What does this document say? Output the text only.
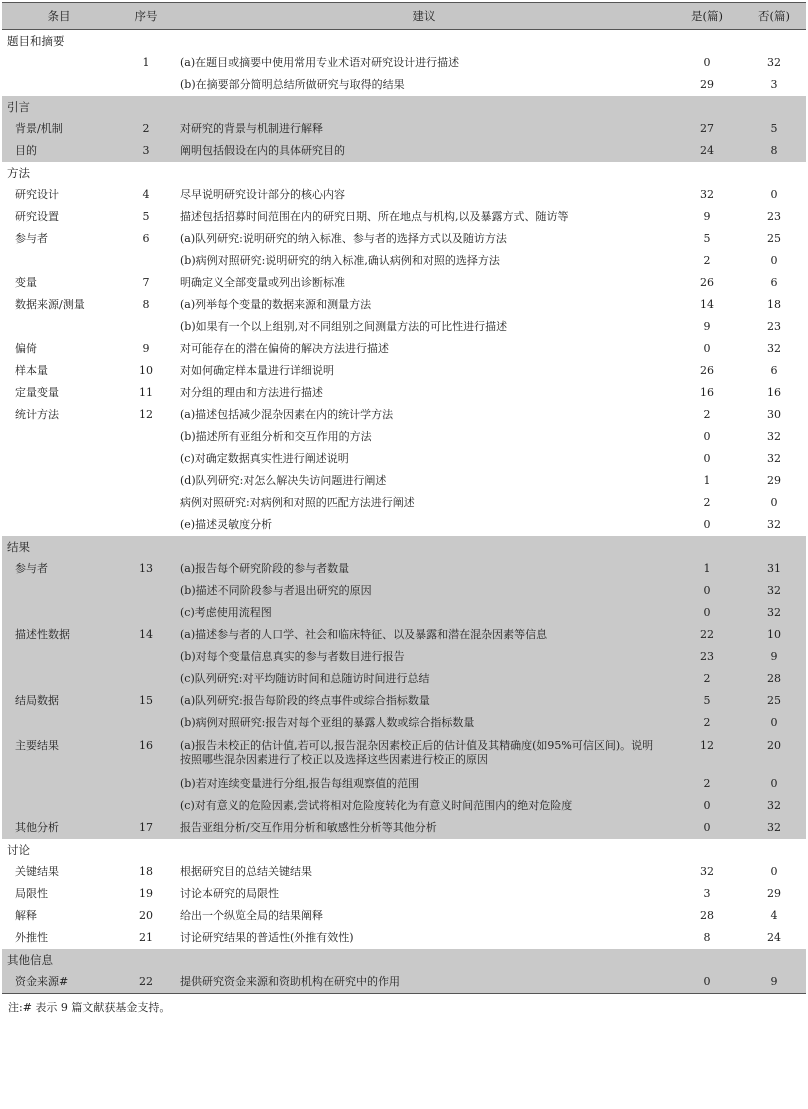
条目	序号	建议	是(篇)	否(篇)
题目和摘要				
	1	(a)在题目或摘要中使用常用专业术语对研究设计进行描述	0	32
		(b)在摘要部分简明总结所做研究与取得的结果	29	3
引言				
背景/机制	2	对研究的背景与机制进行解释	27	5
目的	3	阐明包括假设在内的具体研究目的	24	8
方法				
研究设计	4	尽早说明研究设计部分的核心内容	32	0
研究设置	5	描述包括招募时间范围在内的研究日期、所在地点与机构,以及暴露方式、随访等	9	23
参与者	6	(a)队列研究:说明研究的纳入标准、参与者的选择方式以及随访方法	5	25
		(b)病例对照研究:说明研究的纳入标准,确认病例和对照的选择方法	2	0
变量	7	明确定义全部变量或列出诊断标准	26	6
数据来源/测量	8	(a)列举每个变量的数据来源和测量方法	14	18
		(b)如果有一个以上组别,对不同组别之间测量方法的可比性进行描述	9	23
偏倚	9	对可能存在的潜在偏倚的解决方法进行描述	0	32
样本量	10	对如何确定样本量进行详细说明	26	6
定量变量	11	对分组的理由和方法进行描述	16	16
统计方法	12	(a)描述包括减少混杂因素在内的统计学方法	2	30
		(b)描述所有亚组分析和交互作用的方法	0	32
		(c)对确定数据真实性进行阐述说明	0	32
		(d)队列研究:对怎么解决失访问题进行阐述	1	29
		病例对照研究:对病例和对照的匹配方法进行阐述	2	0
		(e)描述灵敏度分析	0	32
结果				
参与者	13	(a)报告每个研究阶段的参与者数量	1	31
		(b)描述不同阶段参与者退出研究的原因	0	32
		(c)考虑使用流程图	0	32
描述性数据	14	(a)描述参与者的人口学、社会和临床特征、以及暴露和潜在混杂因素等信息	22	10
		(b)对每个变量信息真实的参与者数目进行报告	23	9
		(c)队列研究:对平均随访时间和总随访时间进行总结	2	28
结局数据	15	(a)队列研究:报告每阶段的终点事件或综合指标数量	5	25
		(b)病例对照研究:报告对每个亚组的暴露人数或综合指标数量	2	0
主要结果	16	(a)报告未校正的估计值,若可以,报告混杂因素校正后的估计值及其精确度(如95%可信区间)。说明按照哪些混杂因素进行了校正以及选择这些因素进行校正的原因	12	20
		(b)若对连续变量进行分组,报告每组观察值的范围	2	0
		(c)对有意义的危险因素,尝试将相对危险度转化为有意义时间范围内的绝对危险度	0	32
其他分析	17	报告亚组分析/交互作用分析和敏感性分析等其他分析	0	32
讨论				
关键结果	18	根据研究目的总结关键结果	32	0
局限性	19	讨论本研究的局限性	3	29
解释	20	给出一个纵览全局的结果阐释	28	4
外推性	21	讨论研究结果的普适性(外推有效性)	8	24
其他信息				
资金来源#	22	提供研究资金来源和资助机构在研究中的作用	0	9
注:# 表示 9 篇文献获基金支持。
